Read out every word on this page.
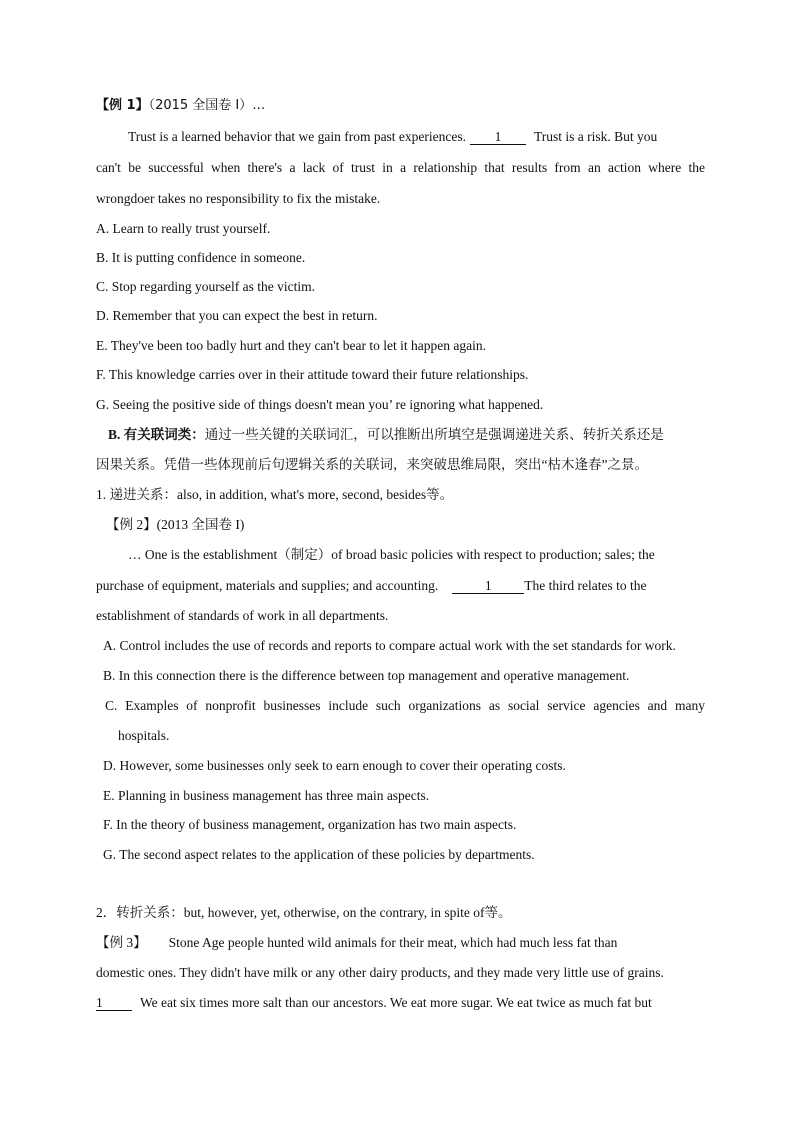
【例 1】（2015 全国卷 I）…
Trust is a learned behavior that we gain from past experiences. 1 Trust is a risk. But you
can't be successful when there's a lack of trust in a relationship that results from an action where the
wrongdoer takes no responsibility to fix the mistake.
A. Learn to really trust yourself.
B. It is putting confidence in someone.
C. Stop regarding yourself as the victim.
D. Remember that you can expect the best in return.
E. They've been too badly hurt and they can't bear to let it happen again.
F. This knowledge carries over in their attitude toward their future relationships.
G. Seeing the positive side of things doesn't mean you’ re ignoring what happened.
B. 有关联词类：通过一些关键的关联词汇，可以推断出所填空是强调递进关系、转折关系还是
因果关系。凭借一些体现前后句逻辑关系的关联词，来突破思维局限，突出“枯木逢春”之景。
1. 递进关系：also, in addition, what's more, second, besides等。
【例 2】(2013 全国卷 I)
… One is the establishment（制定）of broad basic policies with respect to production; sales; the
purchase of equipment, materials and supplies; and accounting.	1 The third relates to the
establishment of standards of work in all departments.
A. Control includes the use of records and reports to compare actual work with the set standards for work.
B. In this connection there is the difference between top management and operative management.
C. Examples of nonprofit businesses include such organizations as social service agencies and many
hospitals.
D. However, some businesses only seek to earn enough to cover their operating costs.
E. Planning in business management has three main aspects.
F. In the theory of business management, organization has two main aspects.
G. The second aspect relates to the application of these policies by departments.
2．转折关系：but, however, yet, otherwise, on the contrary, in spite of等。
【例 3】 Stone Age people hunted wild animals for their meat, which had much less fat than
domestic ones. They didn't have milk or any other dairy products, and they made very little use of grains.
1	We eat six times more salt than our ancestors. We eat more sugar. We eat twice as much fat but
